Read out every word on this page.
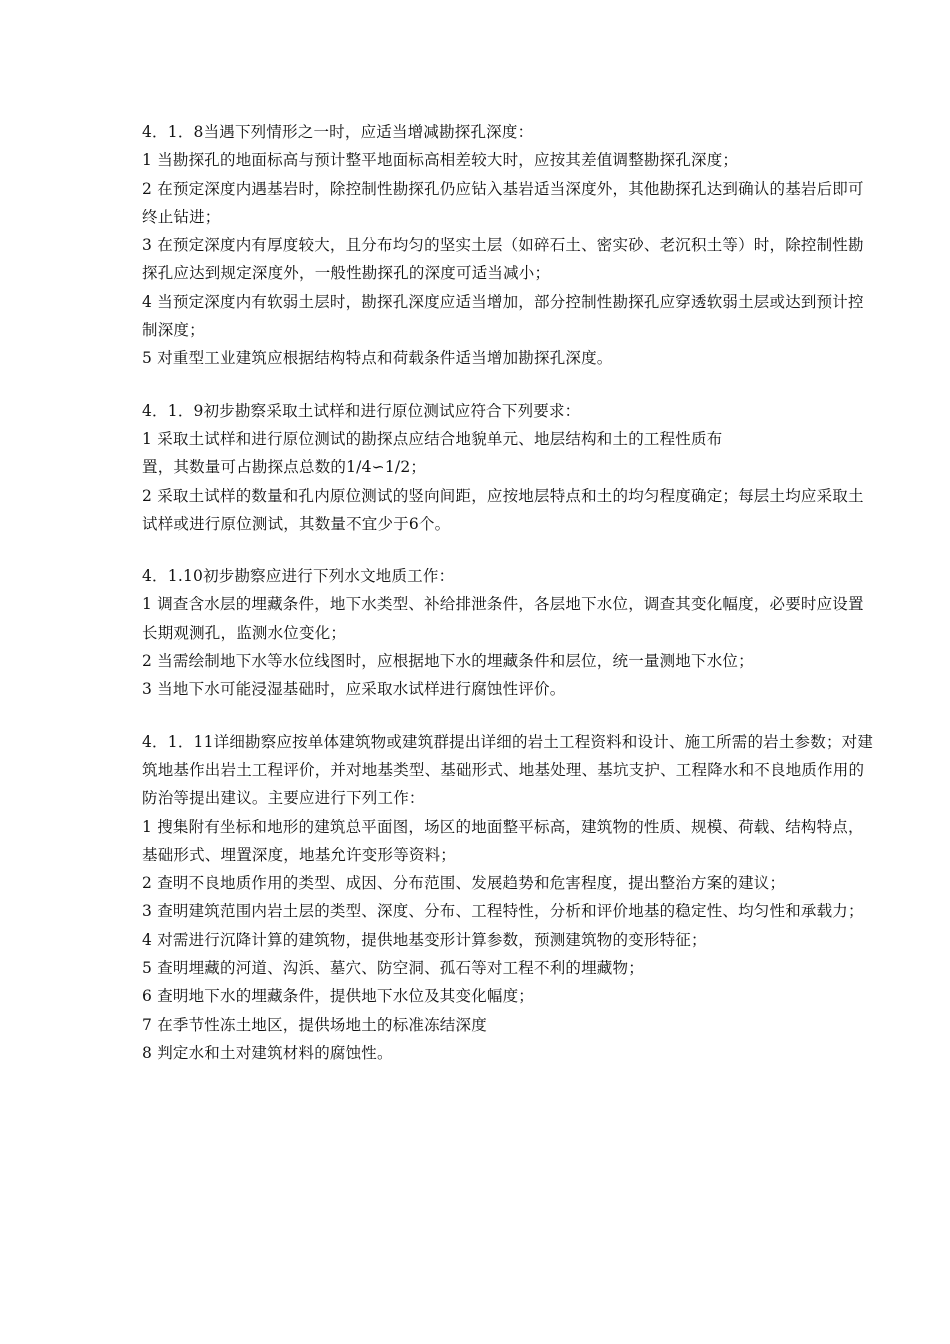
4．1．8当遇下列情形之一时，应适当增减勘探孔深度：
1 当勘探孔的地面标高与预计整平地面标高相差较大时，应按其差值调整勘探孔深度；
2 在预定深度内遇基岩时，除控制性勘探孔仍应钻入基岩适当深度外，其他勘探孔达到确认的基岩后即可
终止钻进；
3 在预定深度内有厚度较大，且分布均匀的坚实土层（如碎石土、密实砂、老沉积土等）时，除控制性勘
探孔应达到规定深度外，一般性勘探孔的深度可适当减小；
4 当预定深度内有软弱土层时，勘探孔深度应适当增加，部分控制性勘探孔应穿透软弱土层或达到预计控
制深度；
5 对重型工业建筑应根据结构特点和荷载条件适当增加勘探孔深度。
4．1．9初步勘察采取土试样和进行原位测试应符合下列要求：
1 采取土试样和进行原位测试的勘探点应结合地貌单元、地层结构和土的工程性质布
置，其数量可占勘探点总数的1/4∽1/2；
2 采取土试样的数量和孔内原位测试的竖向间距，应按地层特点和土的均匀程度确定；每层土均应采取土
试样或进行原位测试，其数量不宜少于6个。
4．1.10初步勘察应进行下列水文地质工作：
1 调查含水层的埋藏条件，地下水类型、补给排泄条件，各层地下水位，调查其变化幅度，必要时应设置
长期观测孔，监测水位变化；
2 当需绘制地下水等水位线图时，应根据地下水的埋藏条件和层位，统一量测地下水位；
3 当地下水可能浸湿基础时，应采取水试样进行腐蚀性评价。
4．1．11详细勘察应按单体建筑物或建筑群提出详细的岩土工程资料和设计、施工所需的岩土参数；对建
筑地基作出岩土工程评价，并对地基类型、基础形式、地基处理、基坑支护、工程降水和不良地质作用的
防治等提出建议。主要应进行下列工作：
1 搜集附有坐标和地形的建筑总平面图，场区的地面整平标高，建筑物的性质、规模、荷载、结构特点，
基础形式、埋置深度，地基允许变形等资料；
2 查明不良地质作用的类型、成因、分布范围、发展趋势和危害程度，提出整治方案的建议；
3 查明建筑范围内岩土层的类型、深度、分布、工程特性，分析和评价地基的稳定性、均匀性和承载力；
4 对需进行沉降计算的建筑物，提供地基变形计算参数，预测建筑物的变形特征；
5 查明埋藏的河道、沟浜、墓穴、防空洞、孤石等对工程不利的埋藏物；
6 查明地下水的埋藏条件，提供地下水位及其变化幅度；
7 在季节性冻土地区，提供场地土的标准冻结深度
8 判定水和土对建筑材料的腐蚀性。
